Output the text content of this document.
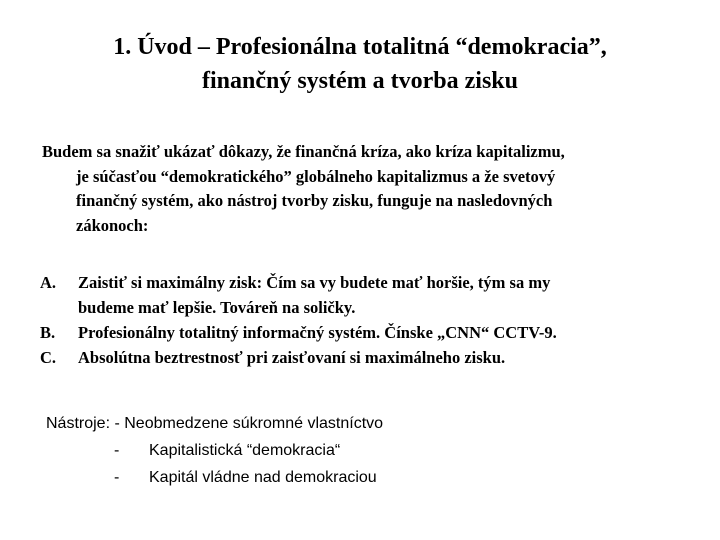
1. Úvod – Profesionálna totalitná “demokracia”,
finančný systém a tvorba zisku

Budem sa snažiť ukázať dôkazy, že finančná kríza, ako kríza kapitalizmu,
je súčasťou “demokratického” globálneho kapitalizmus a že svetový
finančný systém, ako nástroj tvorby zisku, funguje na nasledovných
zákonoch:

A. Zaistiť si maximálny zisk: Čím sa vy budete mať horšie, tým sa my
budeme mať lepšie. Továreň na soličky.
B. Profesionálny totalitný informačný systém. Čínske „CNN“ CCTV-9.
C. Absolútna beztrestnosť pri zaisťovaní si maximálneho zisku.
Nástroje: - Neobmedzene súkromné vlastníctvo
- Kapitalistická “demokracia“
- Kapitál vládne nad demokraciou
